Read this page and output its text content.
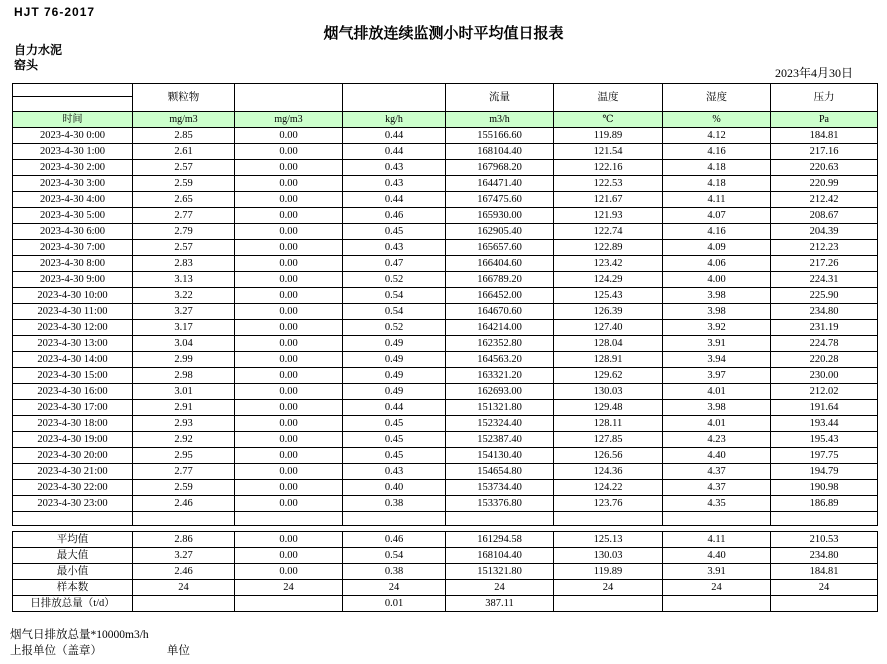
HJT 76-2017
烟气排放连续监测小时平均值日报表
自力水泥
窑头
2023年4月30日
	颗粒物			流量	温度	湿度	压力

时间	mg/m3	mg/m3	kg/h	m3/h	℃	%	Pa
2023-4-30 0:00	2.85	0.00	0.44	155166.60	119.89	4.12	184.81
2023-4-30 1:00	2.61	0.00	0.44	168104.40	121.54	4.16	217.16
2023-4-30 2:00	2.57	0.00	0.43	167968.20	122.16	4.18	220.63
2023-4-30 3:00	2.59	0.00	0.43	164471.40	122.53	4.18	220.99
2023-4-30 4:00	2.65	0.00	0.44	167475.60	121.67	4.11	212.42
2023-4-30 5:00	2.77	0.00	0.46	165930.00	121.93	4.07	208.67
2023-4-30 6:00	2.79	0.00	0.45	162905.40	122.74	4.16	204.39
2023-4-30 7:00	2.57	0.00	0.43	165657.60	122.89	4.09	212.23
2023-4-30 8:00	2.83	0.00	0.47	166404.60	123.42	4.06	217.26
2023-4-30 9:00	3.13	0.00	0.52	166789.20	124.29	4.00	224.31
2023-4-30 10:00	3.22	0.00	0.54	166452.00	125.43	3.98	225.90
2023-4-30 11:00	3.27	0.00	0.54	164670.60	126.39	3.98	234.80
2023-4-30 12:00	3.17	0.00	0.52	164214.00	127.40	3.92	231.19
2023-4-30 13:00	3.04	0.00	0.49	162352.80	128.04	3.91	224.78
2023-4-30 14:00	2.99	0.00	0.49	164563.20	128.91	3.94	220.28
2023-4-30 15:00	2.98	0.00	0.49	163321.20	129.62	3.97	230.00
2023-4-30 16:00	3.01	0.00	0.49	162693.00	130.03	4.01	212.02
2023-4-30 17:00	2.91	0.00	0.44	151321.80	129.48	3.98	191.64
2023-4-30 18:00	2.93	0.00	0.45	152324.40	128.11	4.01	193.44
2023-4-30 19:00	2.92	0.00	0.45	152387.40	127.85	4.23	195.43
2023-4-30 20:00	2.95	0.00	0.45	154130.40	126.56	4.40	197.75
2023-4-30 21:00	2.77	0.00	0.43	154654.80	124.36	4.37	194.79
2023-4-30 22:00	2.59	0.00	0.40	153734.40	124.22	4.37	190.98
2023-4-30 23:00	2.46	0.00	0.38	153376.80	123.76	4.35	186.89

平均值	2.86	0.00	0.46	161294.58	125.13	4.11	210.53
最大值	3.27	0.00	0.54	168104.40	130.03	4.40	234.80
最小值	2.46	0.00	0.38	151321.80	119.89	3.91	184.81
样本数	24	24	24	24	24	24	24
日排放总量（t/d）			0.01	387.11			
烟气日排放总量*10000m3/h
上报单位（盖章）	单位
